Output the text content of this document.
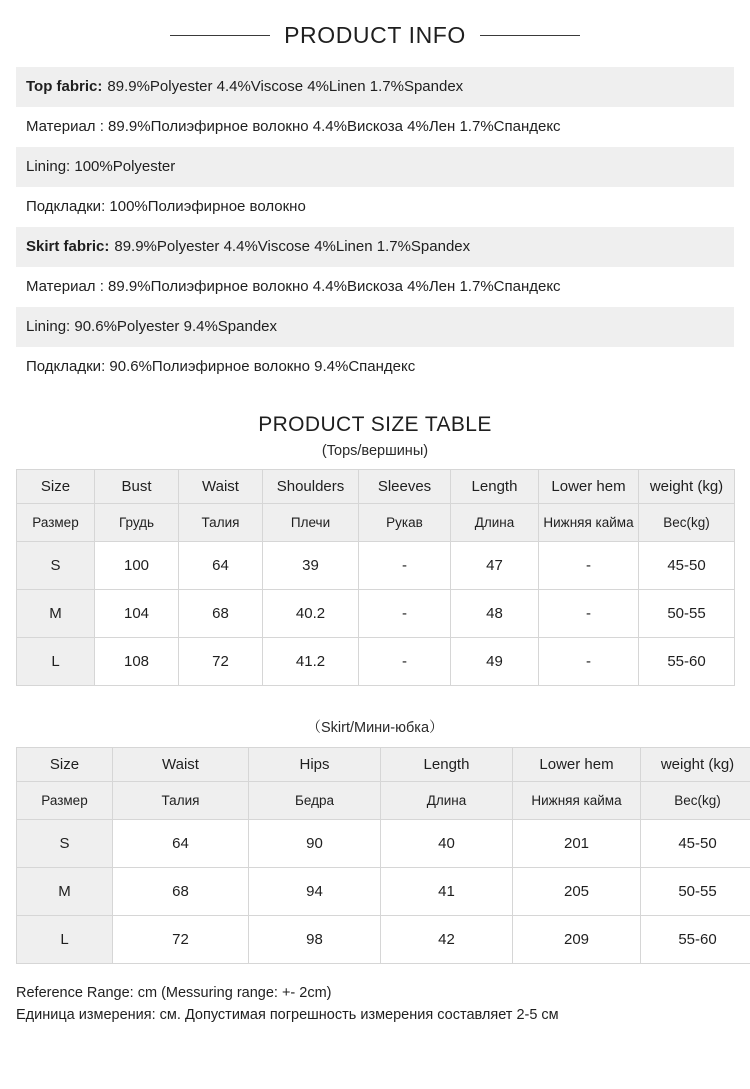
PRODUCT INFO
Top fabric: 89.9%Polyester 4.4%Viscose 4%Linen 1.7%Spandex
Материал : 89.9%Полиэфирное волокно 4.4%Вискоза 4%Лен 1.7%Спандекс
Lining: 100%Polyester
Подкладки: 100%Полиэфирное волокно
Skirt fabric: 89.9%Polyester 4.4%Viscose 4%Linen 1.7%Spandex
Материал : 89.9%Полиэфирное волокно 4.4%Вискоза 4%Лен 1.7%Спандекс
Lining: 90.6%Polyester 9.4%Spandex
Подкладки: 90.6%Полиэфирное волокно 9.4%Спандекс
PRODUCT SIZE TABLE
(Tops/вершины)
Size	Bust	Waist	Shoulders	Sleeves	Length	Lower hem	weight (kg)
Размер	Грудь	Талия	Плечи	Рукав	Длина	Нижняя кайма	Вес(kg)
S	100	64	39	-	47	-	45-50
M	104	68	40.2	-	48	-	50-55
L	108	72	41.2	-	49	-	55-60
（Skirt/Мини-юбка）
Size	Waist	Hips	Length	Lower hem	weight (kg)
Размер	Талия	Бедра	Длина	Нижняя кайма	Вес(kg)
S	64	90	40	201	45-50
M	68	94	41	205	50-55
L	72	98	42	209	55-60
Reference Range: cm (Messuring range: +- 2cm)
Единица измерения: см. Допустимая погрешность измерения составляет 2-5 см
